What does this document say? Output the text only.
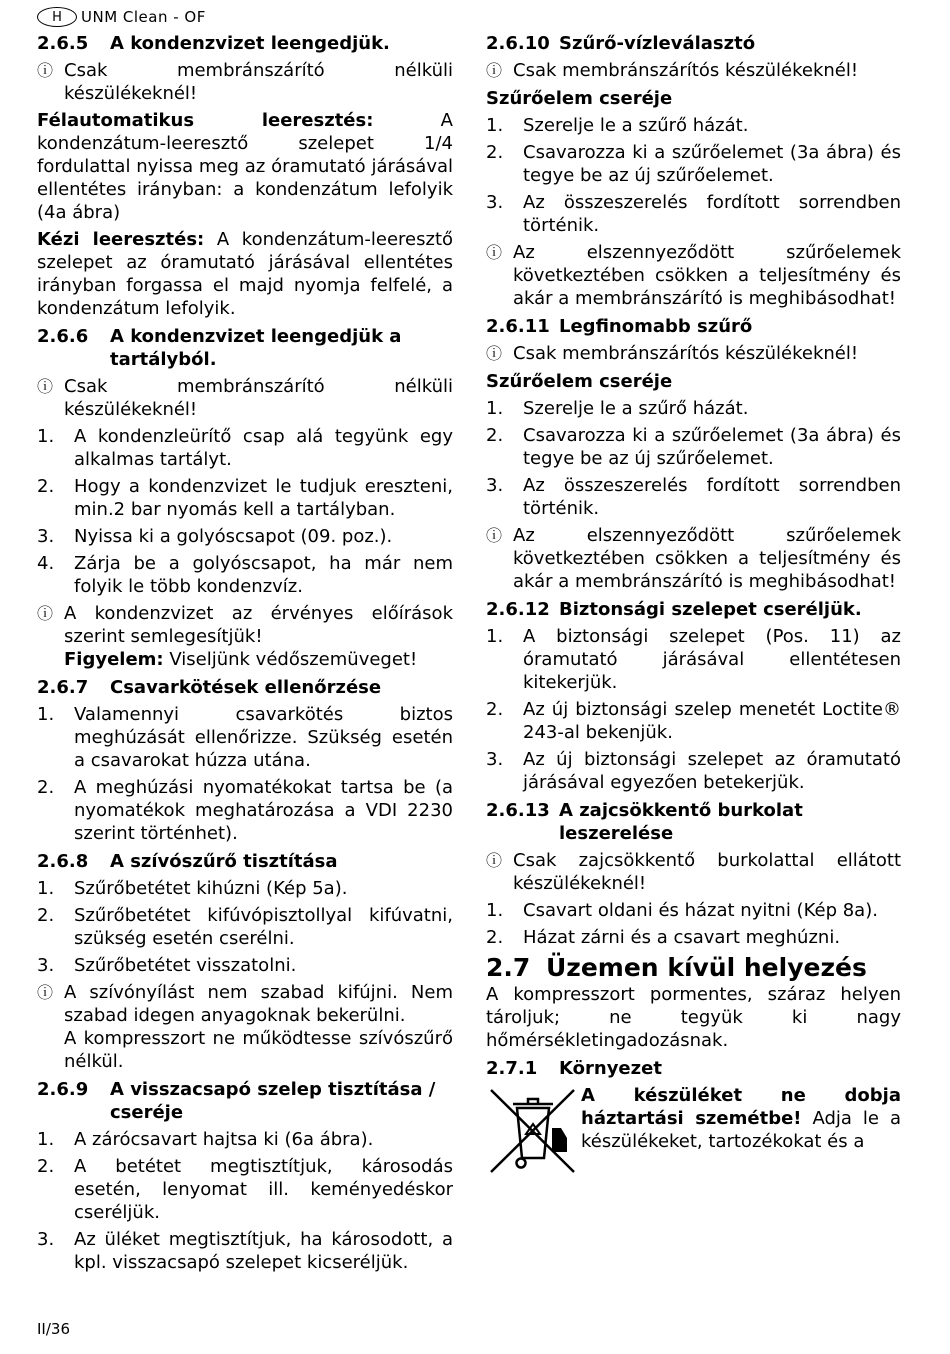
H	UNM Clean - OF
2.6.5	A kondenzvizet leengedjük.
ⓘ Csak membránszárító nélküli készülékeknél!

Félautomatikus leeresztés: A kondenzátum-leeresztő szelepet 1/4 fordulattal nyissa meg az óramutató járásával ellentétes irányban: a kondenzátum lefolyik (4a ábra)

Kézi leeresztés: A kondenzátum-leeresztő szelepet az óramutató járásával ellentétes irányban forgassa el majd nyomja felfelé, a kondenzátum lefolyik.

2.6.6	A kondenzvizet leengedjük a tartályból.
ⓘ Csak membránszárító nélküli készülékeknél!
1.	A kondenzleürítő csap alá tegyünk egy alkalmas tartályt.
2.	Hogy a kondenzvizet le tudjuk ereszteni, min.2 bar nyomás kell a tartályban.
3.	Nyissa ki a golyóscsapot (09. poz.).
4.	Zárja be a golyóscsapot, ha már nem folyik le több kondenzvíz.
ⓘ A kondenzvizet az érvényes előírások szerint semlegesítjük!
Figyelem: Viseljünk védőszemüveget!
2.6.7	Csavarkötések ellenőrzése
1.	Valamennyi csavarkötés biztos meghúzását ellenőrizze. Szükség esetén a csavarokat húzza utána.
2.	A meghúzási nyomatékokat tartsa be (a nyomatékok meghatározása a VDI 2230 szerint történhet).
2.6.8	A szívószűrő tisztítása
1.	Szűrőbetétet kihúzni (Kép 5a).
2.	Szűrőbetétet kifúvópisztollyal kifúvatni, szükség esetén cserélni.
3.	Szűrőbetétet visszatolni.
ⓘ A szívónyílást nem szabad kifújni. Nem szabad idegen anyagoknak bekerülni.
A kompresszort ne működtesse szívószűrő nélkül.
2.6.9	A visszacsapó szelep tisztítása / cseréje
1.	A zárócsavart hajtsa ki (6a ábra).
2.	A betétet megtisztítjuk, károsodás esetén, lenyomat ill. keményedéskor cseréljük.
3.	Az üléket megtisztítjuk, ha károsodott, a kpl. visszacsapó szelepet kicseréljük.
2.6.10 Szűrő-vízleválasztó
ⓘ Csak membránszárítós készülékeknél!
Szűrőelem cseréje
1.	Szerelje le a szűrő házát.
2.	Csavarozza ki a szűrőelemet (3a ábra) és tegye be az új szűrőelemet.
3.	Az összeszerelés fordított sorrendben történik.
ⓘ Az elszennyeződött szűrőelemek következtében csökken a teljesítmény és akár a membránszárító is meghibásodhat!
2.6.11 Legfinomabb szűrő
ⓘ Csak membránszárítós készülékeknél!
Szűrőelem cseréje
1.	Szerelje le a szűrő házát.
2.	Csavarozza ki a szűrőelemet (3a ábra) és tegye be az új szűrőelemet.
3.	Az összeszerelés fordított sorrendben történik.
ⓘ Az elszennyeződött szűrőelemek következtében csökken a teljesítmény és akár a membránszárító is meghibásodhat!
2.6.12 Biztonsági szelepet cseréljük.
1.	A biztonsági szelepet (Pos. 11) az óramutató járásával ellentétesen kitekerjük.
2.	Az új biztonsági szelep menetét Loctite® 243-al bekenjük.
3.	Az új biztonsági szelepet az óramutató járásával egyezően betekerjük.
2.6.13 A zajcsökkentő burkolat leszerelése
ⓘ Csak zajcsökkentő burkolattal ellátott készülékeknél!
1.	Csavart oldani és házat nyitni (Kép 8a).
2.	Házat zárni és a csavart meghúzni.
2.7 Üzemen kívül helyezés

A kompresszort pormentes, száraz helyen tároljuk; ne tegyük ki nagy hőmérsékletingadozásnak.

2.7.1	Környezet

A készüléket ne dobja háztartási szemétbe! Adja le a készülékeket, tartozékokat és a

II/36
